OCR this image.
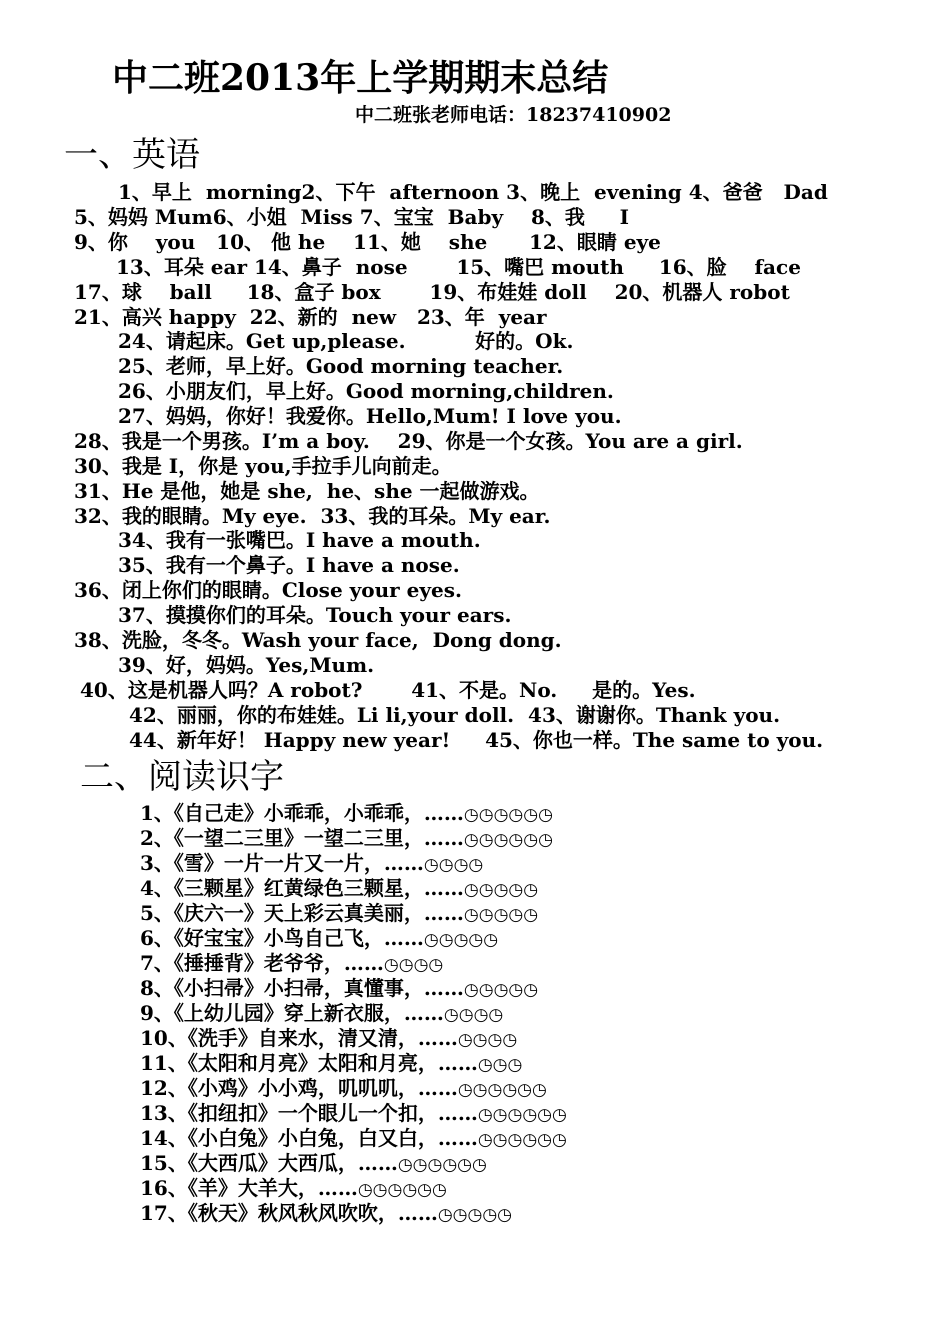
中二班2013年上学期期末总结
中二班张老师电话：18237410902
一、英语
1、早上  morning2、下午  afternoon 3、晚上  evening 4、爸爸   Dad
5、妈妈 Mum6、小姐  Miss 7、宝宝  Baby    8、我     I
9、你    you   10、 他 he    11、她    she      12、眼睛 eye
13、耳朵 ear 14、鼻子  nose       15、嘴巴 mouth     16、脸    face
17、球    ball     18、盒子 box       19、布娃娃 doll    20、机器人 robot
21、高兴 happy  22、新的  new   23、年  year
24、请起床。Get up,please.          好的。Ok.
25、老师，早上好。Good morning teacher.
26、小朋友们，早上好。Good morning,children.
27、妈妈，你好！我爱你。Hello,Mum! I love you.
28、我是一个男孩。I’m a boy.    29、你是一个女孩。You are a girl.
30、我是 I，你是 you,手拉手儿向前走。
31、He 是他，她是 she,  he、she 一起做游戏。
32、我的眼睛。My eye.  33、我的耳朵。My ear.
34、我有一张嘴巴。I have a mouth.
35、我有一个鼻子。I have a nose.
36、闭上你们的眼睛。Close your eyes.
37、摸摸你们的耳朵。Touch your ears.
38、洗脸，冬冬。Wash your face,  Dong dong.
39、好，妈妈。Yes,Mum.
40、这是机器人吗？A robot?       41、不是。No.     是的。Yes.
42、丽丽，你的布娃娃。Li li,your doll.  43、谢谢你。Thank you.
44、新年好！ Happy new year!     45、你也一样。The same to you.
二、阅读识字
1、《自己走》小乖乖，小乖乖，……◷◷◷◷◷◷
2、《一望二三里》一望二三里，……◷◷◷◷◷◷
3、《雪》一片一片又一片，……◷◷◷◷
4、《三颗星》红黄绿色三颗星，……◷◷◷◷◷
5、《庆六一》天上彩云真美丽，……◷◷◷◷◷
6、《好宝宝》小鸟自己飞，……◷◷◷◷◷
7、《捶捶背》老爷爷，……◷◷◷◷
8、《小扫帚》小扫帚，真懂事，……◷◷◷◷◷
9、《上幼儿园》穿上新衣服，……◷◷◷◷
10、《洗手》自来水，清又清，……◷◷◷◷
11、《太阳和月亮》太阳和月亮，……◷◷◷
12、《小鸡》小小鸡，叽叽叽，……◷◷◷◷◷◷
13、《扣纽扣》一个眼儿一个扣，……◷◷◷◷◷◷
14、《小白兔》小白兔，白又白，……◷◷◷◷◷◷
15、《大西瓜》大西瓜，……◷◷◷◷◷◷
16、《羊》大羊大，……◷◷◷◷◷◷
17、《秋天》秋风秋风吹吹，……◷◷◷◷◷
